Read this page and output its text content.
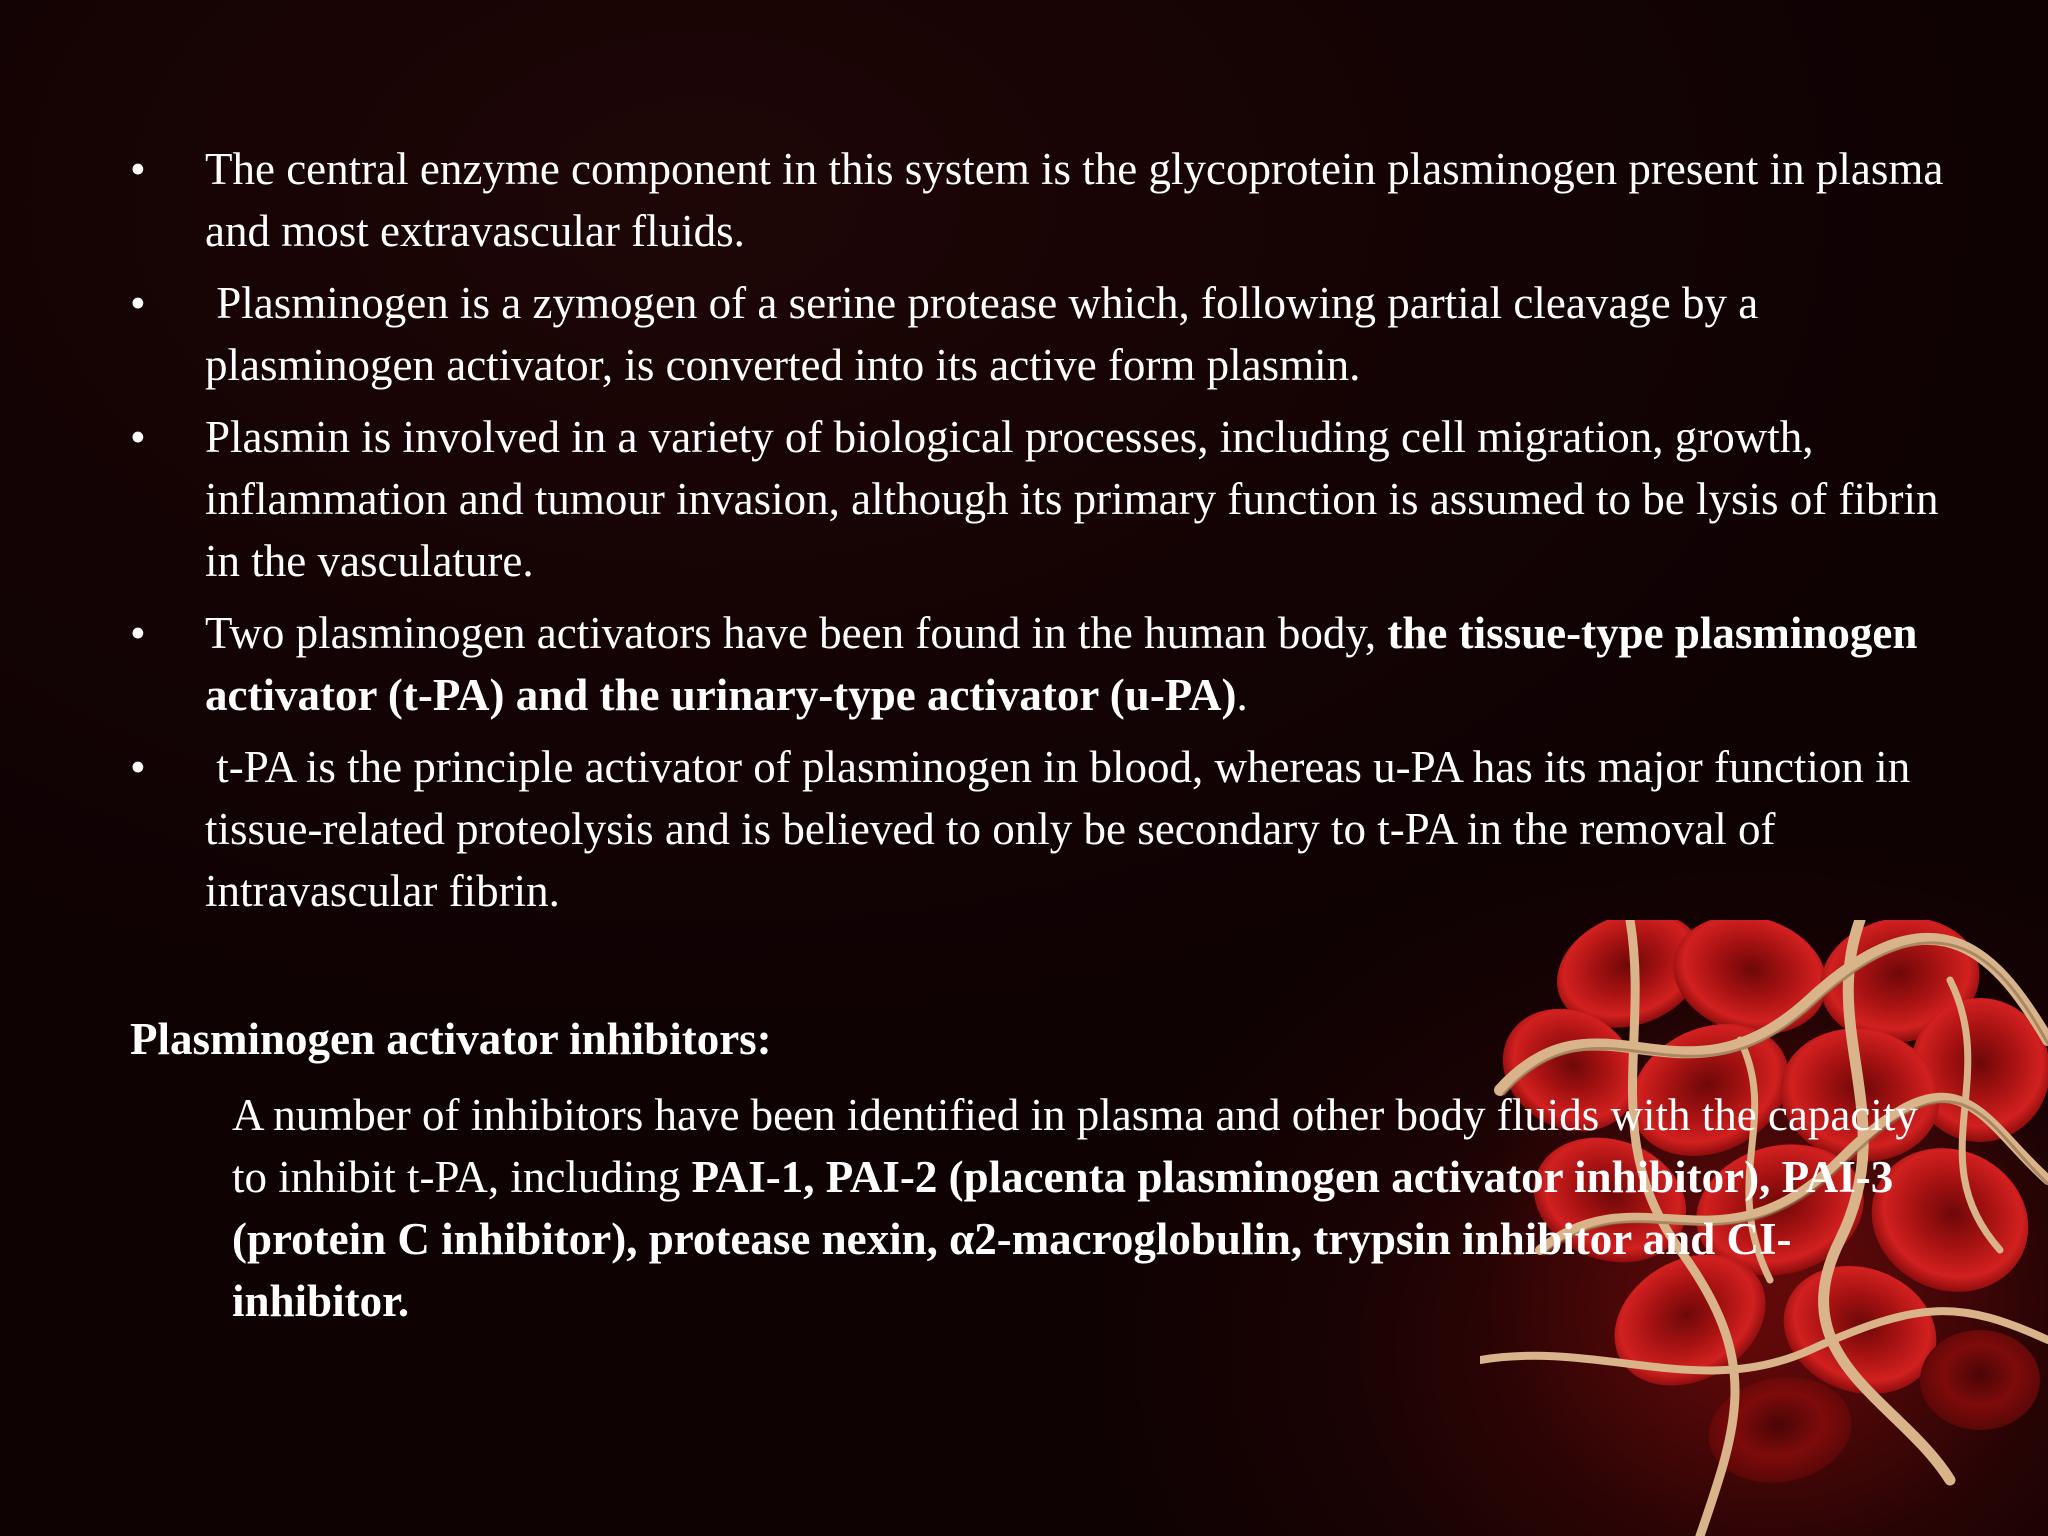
• The central enzyme component in this system is the glycoprotein plasminogen present in plasma and most extravascular fluids.
• Plasminogen is a zymogen of a serine protease which, following partial cleavage by a plasminogen activator, is converted into its active form plasmin.
• Plasmin is involved in a variety of biological processes, including cell migration, growth, inflammation and tumour invasion, although its primary function is assumed to be lysis of fibrin in the vasculature.
• Two plasminogen activators have been found in the human body, the tissue-type plasminogen activator (t-PA) and the urinary-type activator (u-PA).
• t-PA is the principle activator of plasminogen in blood, whereas u-PA has its major function in tissue-related proteolysis and is believed to only be secondary to t-PA in the removal of intravascular fibrin.
Plasminogen activator inhibitors:
A number of inhibitors have been identified in plasma and other body fluids with the capacity to inhibit t-PA, including PAI-1, PAI-2 (placenta plasminogen activator inhibitor), PAI-3 (protein C inhibitor), protease nexin, α2-macroglobulin, trypsin inhibitor and CI-inhibitor.
